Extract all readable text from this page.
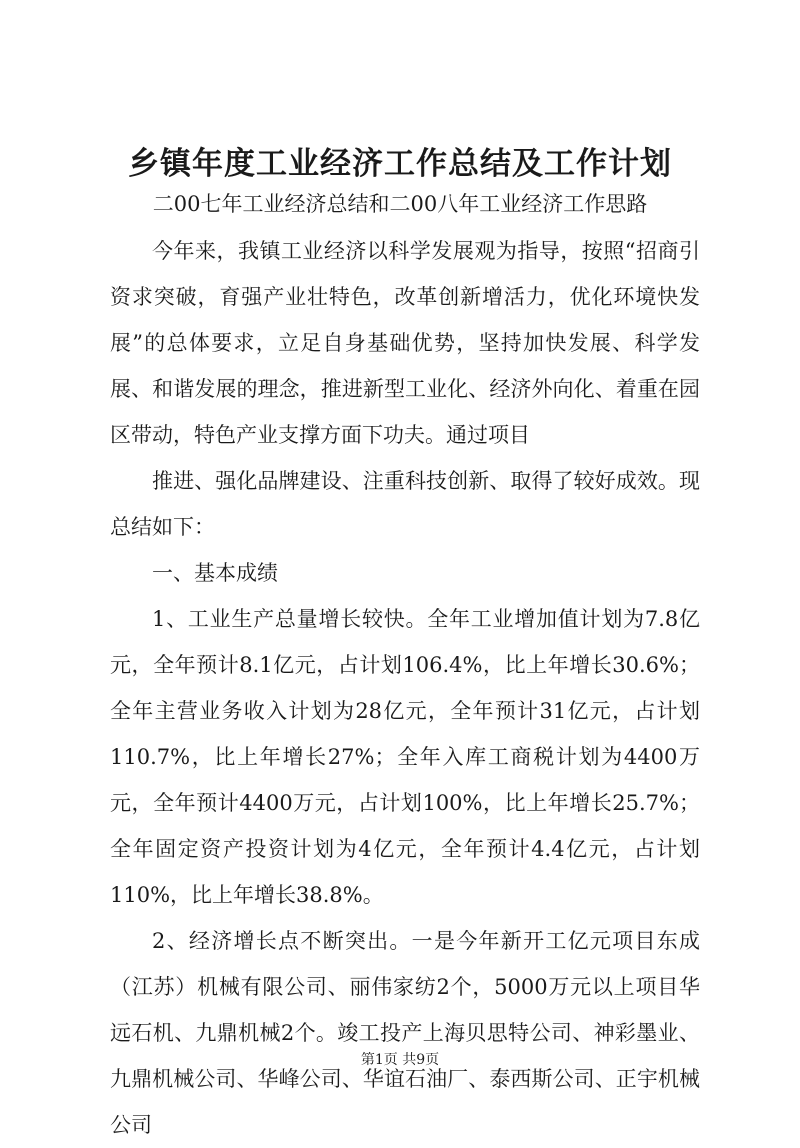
乡镇年度工业经济工作总结及工作计划
二00七年工业经济总结和二00八年工业经济工作思路

今年来，我镇工业经济以科学发展观为指导，按照“招商引资求突破，育强产业壮特色，改革创新增活力，优化环境快发展”的总体要求，立足自身基础优势，坚持加快发展、科学发展、和谐发展的理念，推进新型工业化、经济外向化、着重在园区带动，特色产业支撑方面下功夫。通过项目

推进、强化品牌建设、注重科技创新、取得了较好成效。现总结如下：

一、基本成绩

1、工业生产总量增长较快。全年工业增加值计划为7.8亿元，全年预计8.1亿元，占计划106.4%，比上年增长30.6%；全年主营业务收入计划为28亿元，全年预计31亿元，占计划110.7%，比上年增长27%；全年入库工商税计划为4400万元，全年预计4400万元，占计划100%，比上年增长25.7%；全年固定资产投资计划为4亿元，全年预计4.4亿元，占计划110%，比上年增长38.8%。

2、经济增长点不断突出。一是今年新开工亿元项目东成（江苏）机械有限公司、丽伟家纺2个，5000万元以上项目华远石机、九鼎机械2个。竣工投产上海贝思特公司、神彩墨业、九鼎机械公司、华峰公司、华谊石油厂、泰西斯公司、正宇机械公司

第1页 共9页
